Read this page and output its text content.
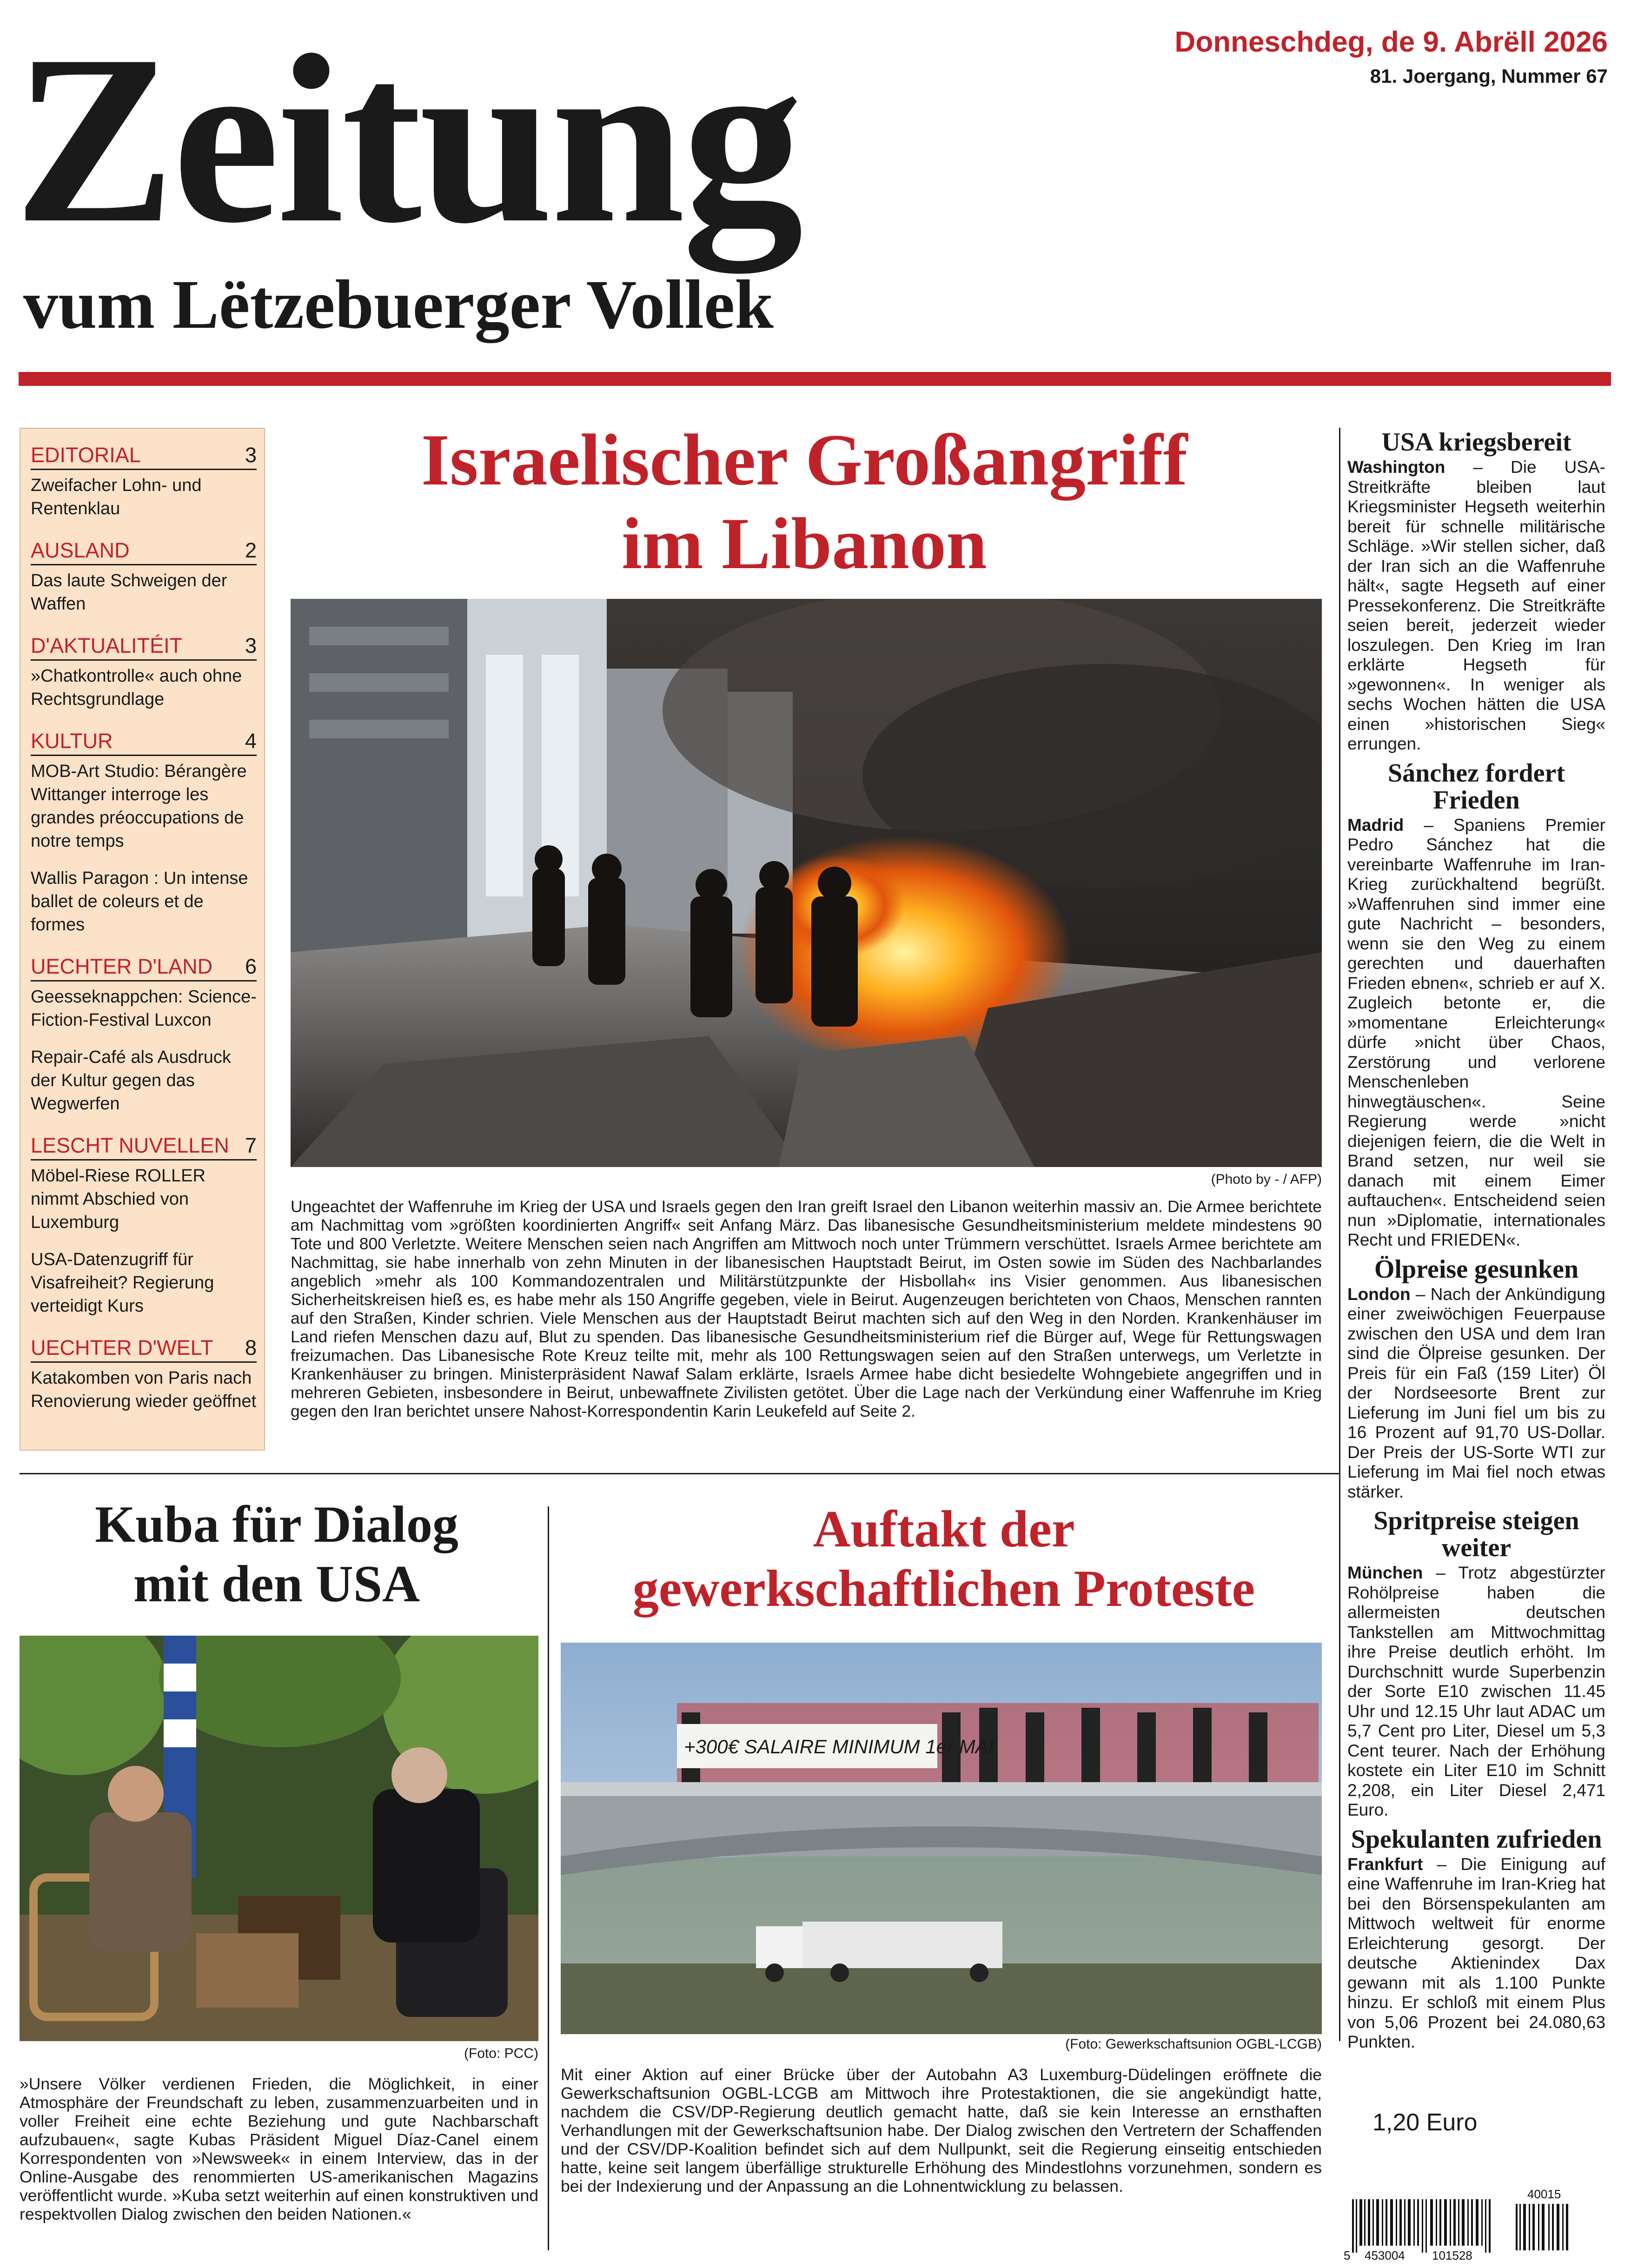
Zeitung
vum Lëtzebuerger Vollek
Donneschdeg, de 9. Abrëll 2026
81. Joergang, Nummer 67
EDITORIAL	3
Zweifacher Lohn- und Rentenklau
AUSLAND	2
Das laute Schweigen der Waffen
D'AKTUALITÉIT	3
»Chatkontrolle« auch ohne Rechtsgrundlage
KULTUR	4
MOB-Art Studio: Bérangère Wittanger interroge les grandes préoccupations de notre temps
Wallis Paragon : Un intense ballet de coleurs et de formes
UECHTER D'LAND 6
Geesseknappchen: Science-Fiction-Festival Luxcon
Repair-Café als Ausdruck der Kultur gegen das Wegwerfen
LESCHT NUVELLEN 7
Möbel-Riese ROLLER nimmt Abschied von Luxemburg
USA-Datenzugriff für Visafreiheit? Regierung verteidigt Kurs
UECHTER D'WELT 8
Katakomben von Paris nach Renovierung wieder geöffnet
Israelischer Großangriff
im Libanon
(Photo by - / AFP)
Ungeachtet der Waffenruhe im Krieg der USA und Israels gegen den Iran greift Israel den Libanon weiterhin massiv an. Die Armee berichtete am Nachmittag vom »größten koordinierten Angriff« seit Anfang März. Das libanesische Gesundheitsministerium meldete mindestens 90 Tote und 800 Verletzte. Weitere Menschen seien nach Angriffen am Mittwoch noch unter Trümmern verschüttet. Israels Armee berichtete am Nachmittag, sie habe innerhalb von zehn Minuten in der libanesischen Hauptstadt Beirut, im Osten sowie im Süden des Nachbarlandes angeblich »mehr als 100 Kommandozentralen und Militärstützpunkte der Hisbollah« ins Visier genommen. Aus libanesischen Sicherheitskreisen hieß es, es habe mehr als 150 Angriffe gegeben, viele in Beirut. Augenzeugen berichteten von Chaos, Menschen rannten auf den Straßen, Kinder schrien. Viele Menschen aus der Hauptstadt Beirut machten sich auf den Weg in den Norden. Krankenhäuser im Land riefen Menschen dazu auf, Blut zu spenden. Das libanesische Gesundheitsministerium rief die Bürger auf, Wege für Rettungswagen freizumachen. Das Libanesische Rote Kreuz teilte mit, mehr als 100 Rettungswagen seien auf den Straßen unterwegs, um Verletzte in Krankenhäuser zu bringen. Ministerpräsident Nawaf Salam erklärte, Israels Armee habe dicht besiedelte Wohngebiete angegriffen und in mehreren Gebieten, insbesondere in Beirut, unbewaffnete Zivilisten getötet. Über die Lage nach der Verkündung einer Waffenruhe im Krieg gegen den Iran berichtet unsere Nahost-Korrespondentin Karin Leukefeld auf Seite 2.
Kuba für Dialog
mit den USA
(Foto: PCC)
»Unsere Völker verdienen Frieden, die Möglichkeit, in einer Atmosphäre der Freundschaft zu leben, zusammenzuarbeiten und in voller Freiheit eine echte Beziehung und gute Nachbarschaft aufzubauen«, sagte Kubas Präsident Miguel Díaz-Canel einem Korrespondenten von »Newsweek« in einem Interview, das in der Online-Ausgabe des renommierten US-amerikanischen Magazins veröffentlicht wurde. »Kuba setzt weiterhin auf einen konstruktiven und respektvollen Dialog zwischen den beiden Nationen.«
Auftakt der
gewerkschaftlichen Proteste
+300€ SALAIRE MINIMUM 1er MAI
(Foto: Gewerkschaftsunion OGBL-LCGB)
Mit einer Aktion auf einer Brücke über der Autobahn A3 Luxemburg-Düdelingen eröffnete die Gewerkschaftsunion OGBL-LCGB am Mittwoch ihre Protestaktionen, die sie angekündigt hatte, nachdem die CSV/DP-Regierung deutlich gemacht hatte, daß sie kein Interesse an ernsthaften Verhandlungen mit der Gewerkschaftsunion habe. Der Dialog zwischen den Vertretern der Schaffenden und der CSV/DP-Koalition befindet sich auf dem Nullpunkt, seit die Regierung einseitig entschieden hatte, keine seit langem überfällige strukturelle Erhöhung des Mindestlohns vorzunehmen, sondern es bei der Indexierung und der Anpassung an die Lohnentwicklung zu belassen.
USA kriegsbereit
Washington – Die USA-Streitkräfte bleiben laut Kriegsminister Hegseth weiterhin bereit für schnelle militärische Schläge. »Wir stellen sicher, daß der Iran sich an die Waffenruhe hält«, sagte Hegseth auf einer Pressekonferenz. Die Streitkräfte seien bereit, jederzeit wieder loszulegen. Den Krieg im Iran erklärte Hegseth für »gewonnen«. In weniger als sechs Wochen hätten die USA einen »historischen Sieg« errungen.
Sánchez fordert Frieden
Madrid – Spaniens Premier Pedro Sánchez hat die vereinbarte Waffenruhe im Iran-Krieg zurückhaltend begrüßt. »Waffenruhen sind immer eine gute Nachricht – besonders, wenn sie den Weg zu einem gerechten und dauerhaften Frieden ebnen«, schrieb er auf X. Zugleich betonte er, die »momentane Erleichterung« dürfe »nicht über Chaos, Zerstörung und verlorene Menschenleben hinwegtäuschen«. Seine Regierung werde »nicht diejenigen feiern, die die Welt in Brand setzen, nur weil sie danach mit einem Eimer auftauchen«. Entscheidend seien nun »Diplomatie, internationales Recht und FRIEDEN«.
Ölpreise gesunken
London – Nach der Ankündigung einer zweiwöchigen Feuerpause zwischen den USA und dem Iran sind die Ölpreise gesunken. Der Preis für ein Faß (159 Liter) Öl der Nordseesorte Brent zur Lieferung im Juni fiel um bis zu 16 Prozent auf 91,70 US-Dollar. Der Preis der US-Sorte WTI zur Lieferung im Mai fiel noch etwas stärker.
Spritpreise steigen weiter
München – Trotz abgestürzter Rohölpreise haben die allermeisten deutschen Tankstellen am Mittwochmittag ihre Preise deutlich erhöht. Im Durchschnitt wurde Superbenzin der Sorte E10 zwischen 11.45 Uhr und 12.15 Uhr laut ADAC um 5,7 Cent pro Liter, Diesel um 5,3 Cent teurer. Nach der Erhöhung kostete ein Liter E10 im Schnitt 2,208, ein Liter Diesel 2,471 Euro.
Spekulanten zufrieden
Frankfurt – Die Einigung auf eine Waffenruhe im Iran-Krieg hat bei den Börsenspekulanten am Mittwoch weltweit für enorme Erleichterung gesorgt. Der deutsche Aktienindex Dax gewann mit als 1.100 Punkte hinzu. Er schloß mit einem Plus von 5,06 Prozent bei 24.080,63 Punkten.
1,20 Euro
5 453004 101528
40015
